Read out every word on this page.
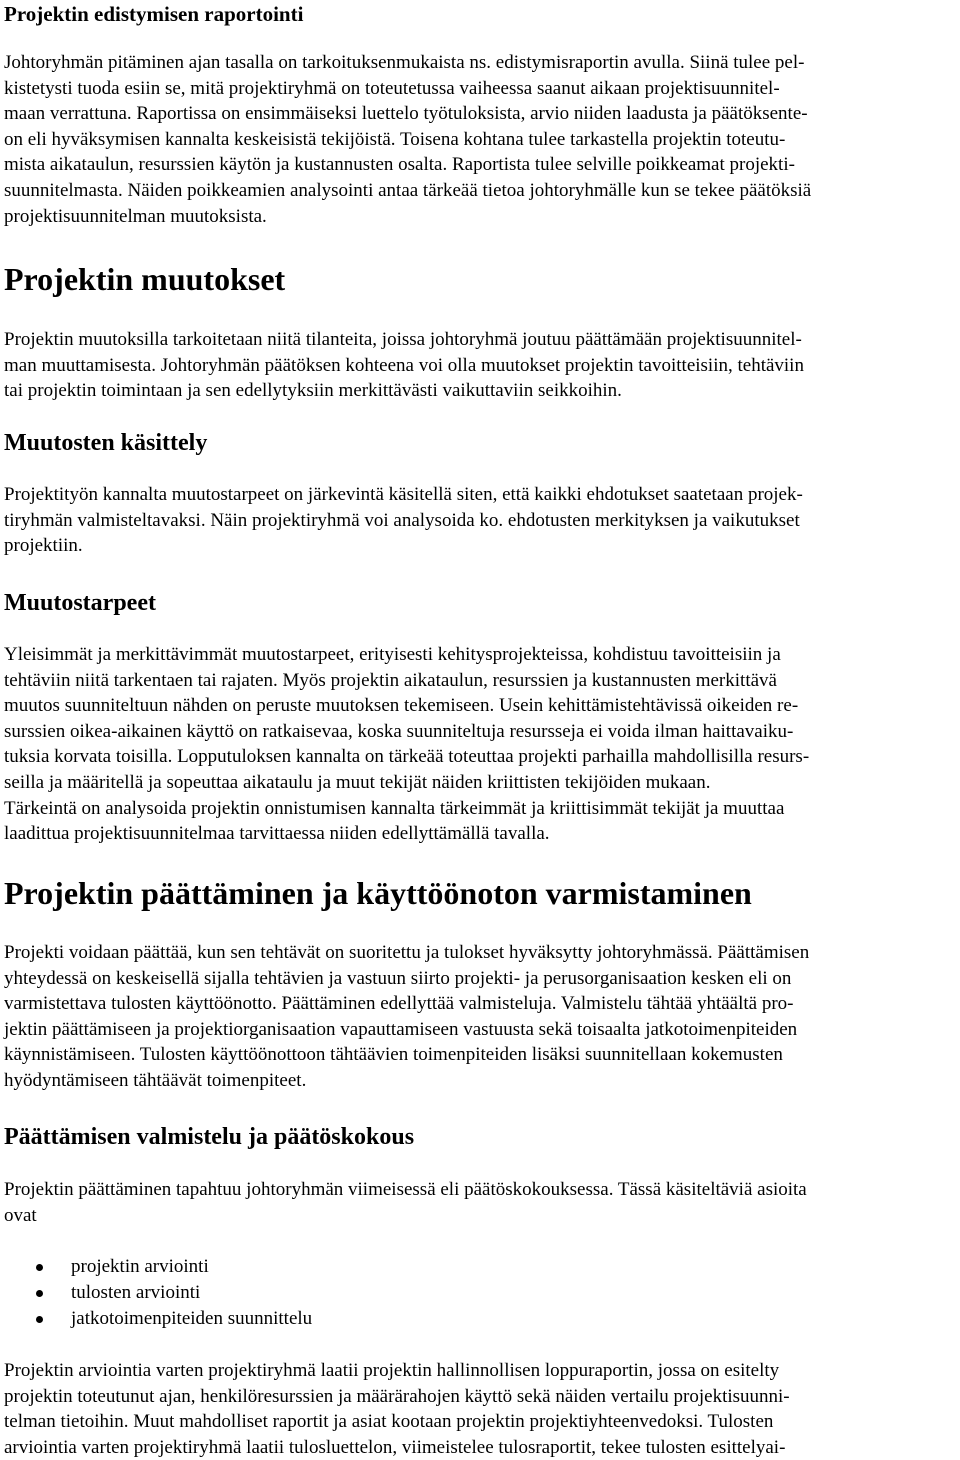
Projektin edistymisen raportointi
Johtoryhmän pitäminen ajan tasalla on tarkoituksenmukaista ns. edistymisraportin avulla. Siinä tulee pel-
kistetysti tuoda esiin se, mitä projektiryhmä on toteutetussa vaiheessa saanut aikaan projektisuunnitel-
maan verrattuna. Raportissa on ensimmäiseksi luettelo työtuloksista, arvio niiden laadusta ja päätöksente-
on eli hyväksymisen kannalta keskeisistä tekijöistä. Toisena kohtana tulee tarkastella projektin toteutu-
mista aikataulun, resurssien käytön ja kustannusten osalta. Raportista tulee selville poikkeamat projekti-
suunnitelmasta. Näiden poikkeamien analysointi antaa tärkeää tietoa johtoryhmälle kun se tekee päätöksiä
projektisuunnitelman muutoksista.
Projektin muutokset
Projektin muutoksilla tarkoitetaan niitä tilanteita, joissa johtoryhmä joutuu päättämään projektisuunnitel-
man muuttamisesta. Johtoryhmän päätöksen kohteena voi olla muutokset projektin tavoitteisiin, tehtäviin
tai projektin toimintaan ja sen edellytyksiin merkittävästi vaikuttaviin seikkoihin.
Muutosten käsittely
Projektityön kannalta muutostarpeet on järkevintä käsitellä siten, että kaikki ehdotukset saatetaan projek-
tiryhmän valmisteltavaksi. Näin projektiryhmä voi analysoida ko. ehdotusten merkityksen ja vaikutukset
projektiin.
Muutostarpeet
Yleisimmät ja merkittävimmät muutostarpeet, erityisesti kehitysprojekteissa, kohdistuu tavoitteisiin ja
tehtäviin niitä tarkentaen tai rajaten. Myös projektin aikataulun, resurssien ja kustannusten merkittävä
muutos suunniteltuun nähden on peruste muutoksen tekemiseen. Usein kehittämistehtävissä oikeiden re-
surssien oikea-aikainen käyttö on ratkaisevaa, koska suunniteltuja resursseja ei voida ilman haittavaiku-
tuksia korvata toisilla. Lopputuloksen kannalta on tärkeää toteuttaa projekti parhailla mahdollisilla resurs-
seilla ja määritellä ja sopeuttaa aikataulu ja muut tekijät näiden kriittisten tekijöiden mukaan.
Tärkeintä on analysoida projektin onnistumisen kannalta tärkeimmät ja kriittisimmät tekijät ja muuttaa
laadittua projektisuunnitelmaa tarvittaessa niiden edellyttämällä tavalla.
Projektin päättäminen ja käyttöönoton varmistaminen
Projekti voidaan päättää, kun sen tehtävät on suoritettu ja tulokset hyväksytty johtoryhmässä. Päättämisen
yhteydessä on keskeisellä sijalla tehtävien ja vastuun siirto projekti- ja perusorganisaation kesken eli on
varmistettava tulosten käyttöönotto. Päättäminen edellyttää valmisteluja. Valmistelu tähtää yhtäältä pro-
jektin päättämiseen ja projektiorganisaation vapauttamiseen vastuusta sekä toisaalta jatkotoimenpiteiden
käynnistämiseen. Tulosten käyttöönottoon tähtäävien toimenpiteiden lisäksi suunnitellaan kokemusten
hyödyntämiseen tähtäävät toimenpiteet.
Päättämisen valmistelu ja päätöskokous
Projektin päättäminen tapahtuu johtoryhmän viimeisessä eli päätöskokouksessa. Tässä käsiteltäviä asioita
ovat
projektin arviointi
tulosten arviointi
jatkotoimenpiteiden suunnittelu
Projektin arviointia varten projektiryhmä laatii projektin hallinnollisen loppuraportin, jossa on esitelty
projektin toteutunut ajan, henkilöresurssien ja määrärahojen käyttö sekä näiden vertailu projektisuunni-
telman tietoihin. Muut mahdolliset raportit ja asiat kootaan projektin projektiyhteenvedoksi. Tulosten
arviointia varten projektiryhmä laatii tulosluettelon, viimeistelee tulosraportit, tekee tulosten esittelyai-
